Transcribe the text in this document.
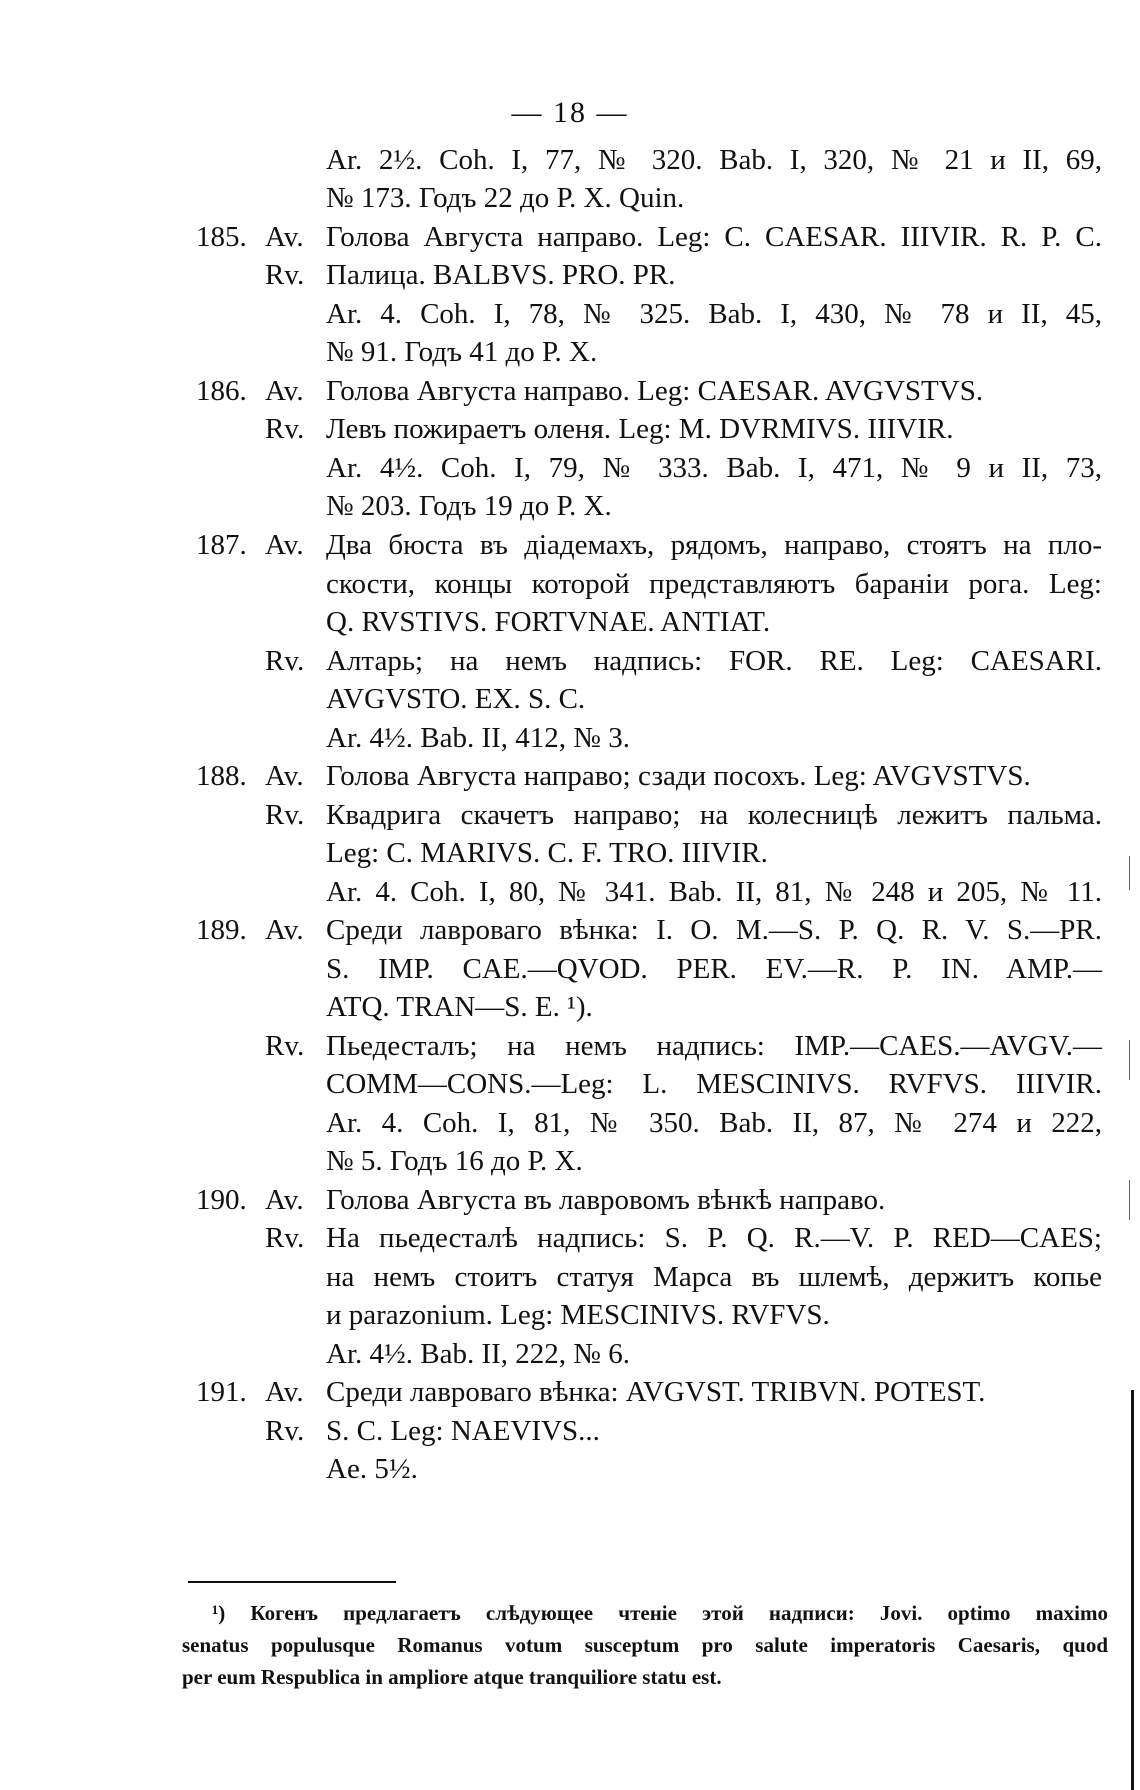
— 18 —
Ar. 2½. Coh. I, 77, № 320. Bab. I, 320, № 21 и II, 69,
№ 173. Годъ 22 до Р. X. Quin.
185. Av. Голова Августа направо. Leg: C. CAESAR. IIIVIR. R. P. C.
Rv. Палица. BALBVS. PRO. PR.
Ar. 4. Coh. I, 78, № 325. Bab. I, 430, № 78 и II, 45,
№ 91. Годъ 41 до Р. X.
186. Av. Голова Августа направо. Leg: CAESAR. AVGVSTVS.
Rv. Левъ пожираетъ оленя. Leg: M. DVRMIVS. IIIVIR.
Ar. 4½. Coh. I, 79, № 333. Bab. I, 471, № 9 и II, 73,
№ 203. Годъ 19 до Р. X.
187. Av. Два бюста въ діадемахъ, рядомъ, направо, стоятъ на пло-
скости, концы которой представляютъ бараніи рога. Leg:
Q. RVSTIVS. FORTVNAE. ANTIAT.
Rv. Алтарь; на немъ надпись: FOR. RE. Leg: CAESARI.
AVGVSTO. EX. S. C.
Ar. 4½. Bab. II, 412, № 3.
188. Av. Голова Августа направо; сзади посохъ. Leg: AVGVSTVS.
Rv. Квадрига скачетъ направо; на колесницѣ лежитъ пальма.
Leg: C. MARIVS. C. F. TRO. IIIVIR.
Ar. 4. Coh. I, 80, № 341. Bab. II, 81, № 248 и 205, № 11.
189. Av. Среди лавроваго вѣнка: I. O. M.—S. P. Q. R. V. S.—PR.
S. IMP. CAE.—QVOD. PER. EV.—R. P. IN. AMP.—
ATQ. TRAN—S. E. ¹).
Rv. Пьедесталъ; на немъ надпись: IMP.—CAES.—AVGV.—
COMM—CONS.—Leg: L. MESCINIVS. RVFVS. IIIVIR.
Ar. 4. Coh. I, 81, № 350. Bab. II, 87, № 274 и 222,
№ 5. Годъ 16 до Р. X.
190. Av. Голова Августа въ лавровомъ вѣнкѣ направо.
Rv. На пьедесталѣ надпись: S. P. Q. R.—V. P. RED—CAES;
на немъ стоитъ статуя Марса въ шлемѣ, держитъ копье
и parazonium. Leg: MESCINIVS. RVFVS.
Ar. 4½. Bab. II, 222, № 6.
191. Av. Среди лавроваго вѣнка: AVGVST. TRIBVN. POTEST.
Rv. S. C. Leg: NAEVIVS...
Ae. 5½.
¹) Когенъ предлагаетъ слѣдующее чтеніе этой надписи: Jovi. optimo maximo
senatus populusque Romanus votum susceptum pro salute imperatoris Caesaris, quod
per eum Respublica in ampliore atque tranquiliore statu est.
